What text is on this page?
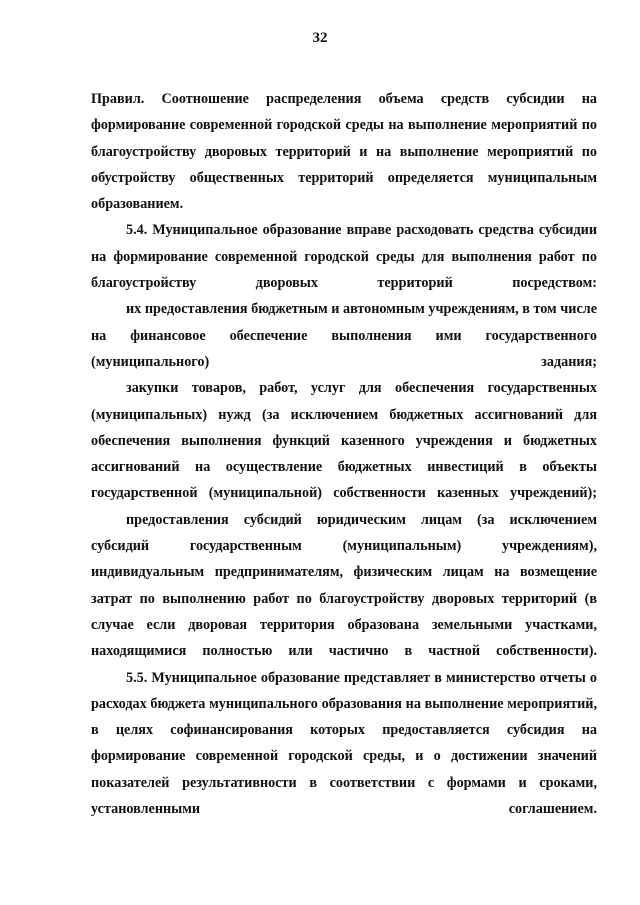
32

Правил. Соотношение распределения объема средств субсидии на формирование современной городской среды на выполнение мероприятий по благоустройству дворовых территорий и на выполнение мероприятий по обустройству общественных территорий определяется муниципальным образованием.

5.4. Муниципальное образование вправе расходовать средства субсидии на формирование современной городской среды для выполнения работ по благоустройству дворовых территорий посредством:

их предоставления бюджетным и автономным учреждениям, в том числе на финансовое обеспечение выполнения ими государственного (муниципального) задания;

закупки товаров, работ, услуг для обеспечения государственных (муниципальных) нужд (за исключением бюджетных ассигнований для обеспечения выполнения функций казенного учреждения и бюджетных ассигнований на осуществление бюджетных инвестиций в объекты государственной (муниципальной) собственности казенных учреждений);

предоставления субсидий юридическим лицам (за исключением субсидий государственным (муниципальным) учреждениям), индивидуальным предпринимателям, физическим лицам на возмещение затрат по выполнению работ по благоустройству дворовых территорий (в случае если дворовая территория образована земельными участками, находящимися полностью или частично в частной собственности).

5.5. Муниципальное образование представляет в министерство отчеты о расходах бюджета муниципального образования на выполнение мероприятий, в целях софинансирования которых предоставляется субсидия на формирование современной городской среды, и о достижении значений показателей результативности в соответствии с формами и сроками, установленными соглашением.
